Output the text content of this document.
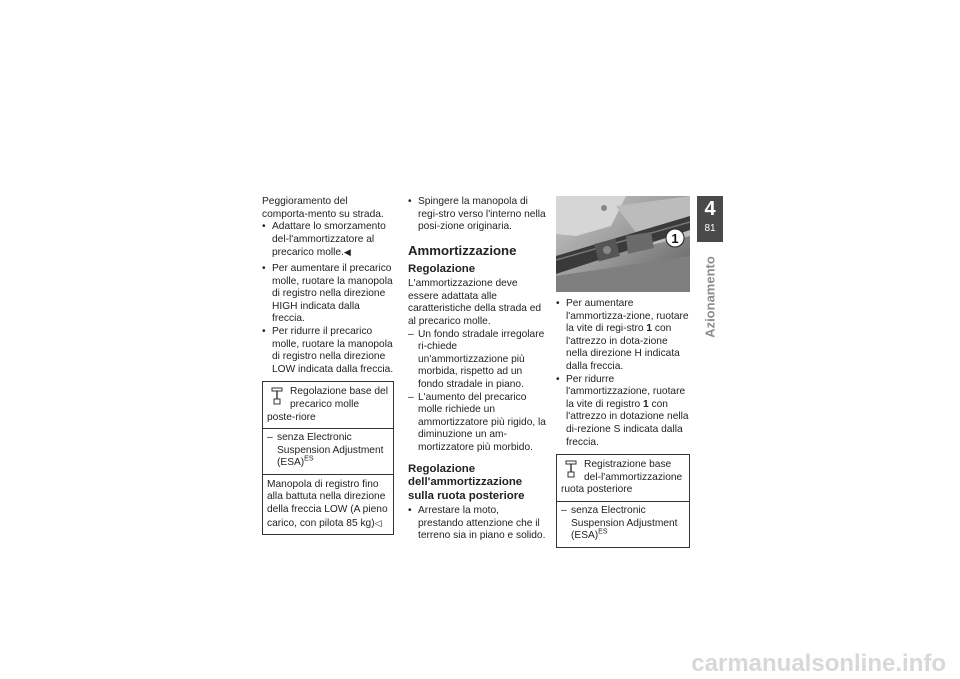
Peggioramento del comporta-mento su strada.

• Adattare lo smorzamento del-l'ammortizzatore al precarico molle.◀

• Per aumentare il precarico molle, ruotare la manopola di registro nella direzione HIGH indicata dalla freccia.

• Per ridurre il precarico molle, ruotare la manopola di registro nella direzione LOW indicata dalla freccia.

Regolazione base del precarico molle poste-riore

– senza Electronic Suspension Adjustment (ESA)$^{ES}$

Manopola di registro fino alla battuta nella direzione della freccia LOW (A pieno carico, con pilota 85 kg)◁

• Spingere la manopola di regi-stro verso l'interno nella posi-zione originaria.

Ammortizzazione
Regolazione

L'ammortizzazione deve essere adattata alle caratteristiche della strada ed al precarico molle.

– Un fondo stradale irregolare ri-chiede un'ammortizzazione più morbida, rispetto ad un fondo stradale in piano.

– L'aumento del precarico molle richiede un ammortizzatore più rigido, la diminuzione un am-mortizzatore più morbido.

Regolazione dell'ammortizzazione sulla ruota posteriore

• Arrestare la moto, prestando attenzione che il terreno sia in piano e solido.

1

• Per aumentare l'ammortizza-zione, ruotare la vite di regi-stro 1 con l'attrezzo in dota-zione nella direzione H indicata dalla freccia.

• Per ridurre l'ammortizzazione, ruotare la vite di registro 1 con l'attrezzo in dotazione nella di-rezione S indicata dalla freccia.

Registrazione base del-l'ammortizzazione ruota posteriore

– senza Electronic Suspension Adjustment (ESA)$^{ES}$

4
81
Azionamento
carmanualsonline.info
